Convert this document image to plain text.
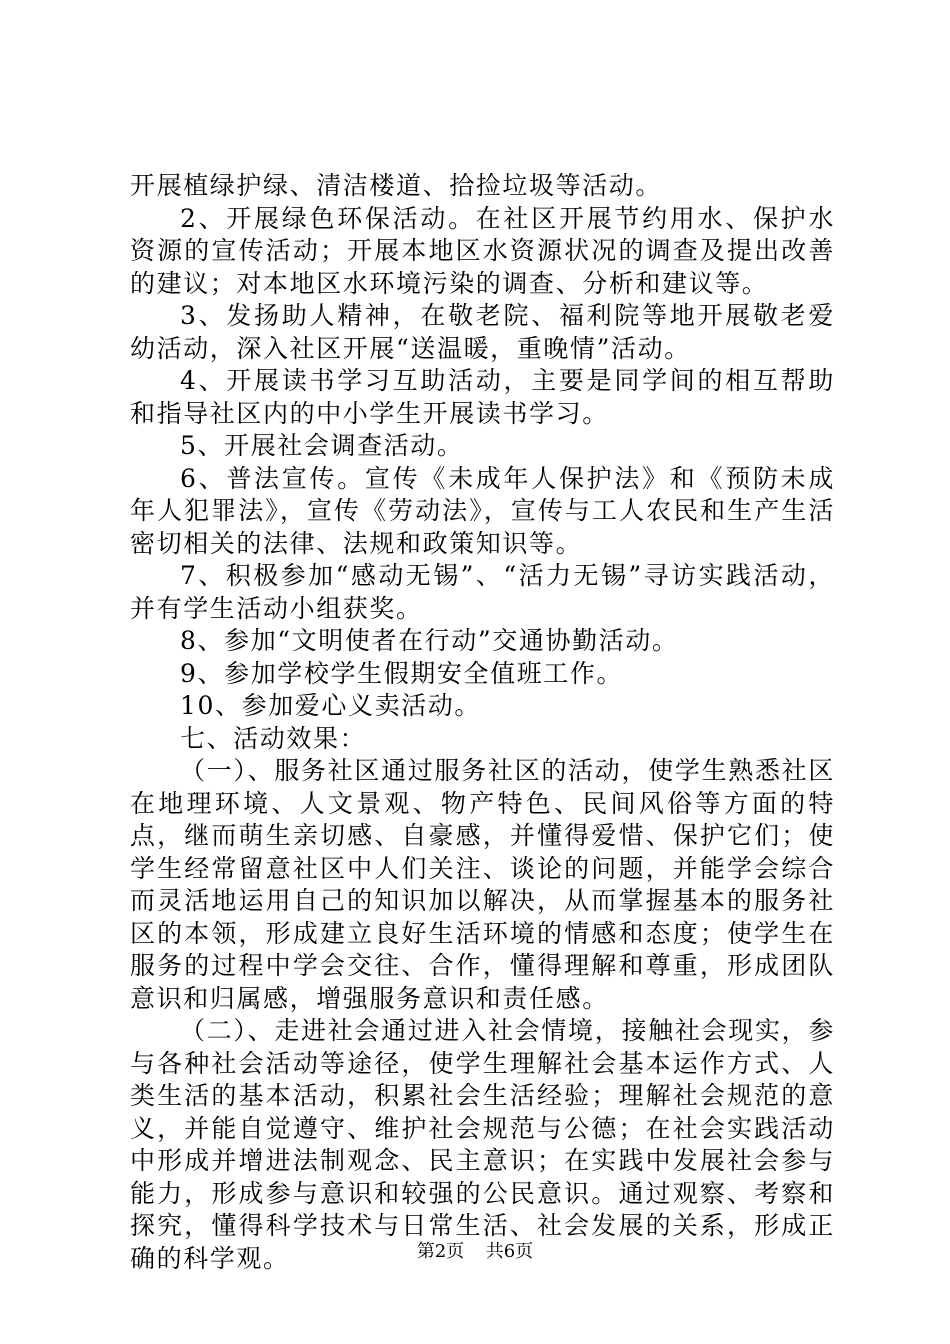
开展植绿护绿、清洁楼道、拾捡垃圾等活动。

2、开展绿色环保活动。在社区开展节约用水、保护水资源的宣传活动；开展本地区水资源状况的调查及提出改善的建议；对本地区水环境污染的调查、分析和建议等。

3、发扬助人精神，在敬老院、福利院等地开展敬老爱幼活动，深入社区开展“送温暖，重晚情”活动。

4、开展读书学习互助活动，主要是同学间的相互帮助和指导社区内的中小学生开展读书学习。

5、开展社会调查活动。

6、普法宣传。宣传《未成年人保护法》和《预防未成年人犯罪法》，宣传《劳动法》，宣传与工人农民和生产生活密切相关的法律、法规和政策知识等。

7、积极参加“感动无锡”、“活力无锡”寻访实践活动，并有学生活动小组获奖。

8、参加“文明使者在行动”交通协勤活动。

9、参加学校学生假期安全值班工作。

10、参加爱心义卖活动。

七、活动效果：

（一）、服务社区通过服务社区的活动，使学生熟悉社区在地理环境、人文景观、物产特色、民间风俗等方面的特点，继而萌生亲切感、自豪感，并懂得爱惜、保护它们；使学生经常留意社区中人们关注、谈论的问题，并能学会综合而灵活地运用自己的知识加以解决，从而掌握基本的服务社区的本领，形成建立良好生活环境的情感和态度；使学生在服务的过程中学会交往、合作，懂得理解和尊重，形成团队意识和归属感，增强服务意识和责任感。

（二）、走进社会通过进入社会情境，接触社会现实，参与各种社会活动等途径，使学生理解社会基本运作方式、人类生活的基本活动，积累社会生活经验；理解社会规范的意义，并能自觉遵守、维护社会规范与公德；在社会实践活动中形成并增进法制观念、民主意识；在实践中发展社会参与能力，形成参与意识和较强的公民意识。通过观察、考察和探究，懂得科学技术与日常生活、社会发展的关系，形成正确的科学观。	第2页 共6页
